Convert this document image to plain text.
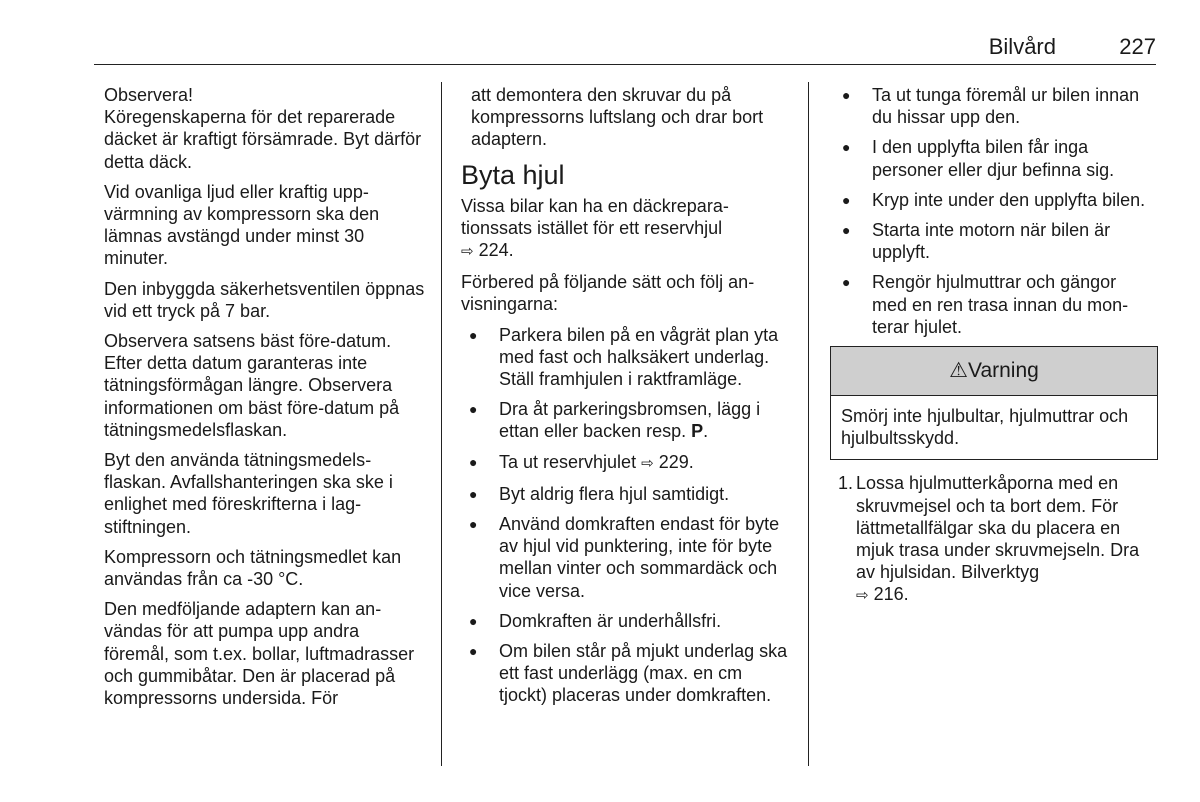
Bilvård	227

Observera!
Köregenskaperna för det reparerade däcket är kraftigt försämrade. Byt därför detta däck.

Vid ovanliga ljud eller kraftig uppvärmning av kompressorn ska den lämnas avstängd under minst 30 minuter.

Den inbyggda säkerhetsventilen öppnas vid ett tryck på 7 bar.

Observera satsens bäst före-datum. Efter detta datum garanteras inte tätningsförmågan längre. Observera informationen om bäst före-datum på tätningsmedelsflaskan.

Byt den använda tätningsmedelsflaskan. Avfallshanteringen ska ske i enlighet med föreskrifterna i lagstiftningen.

Kompressorn och tätningsmedlet kan användas från ca -30 °C.

Den medföljande adaptern kan användas för att pumpa upp andra föremål, som t.ex. bollar, luftmadrasser och gummibåtar. Den är placerad på kompressorns undersida. För

att demontera den skruvar du på kompressorns luftslang och drar bort adaptern.

Byta hjul

Vissa bilar kan ha en däckreparationssats istället för ett reservhjul
⇨ 224.

Förbered på följande sätt och följ anvisningarna:

● Parkera bilen på en vågrät plan yta med fast och halksäkert underlag. Ställ framhjulen i raktframläge.
● Dra åt parkeringsbromsen, lägg i ettan eller backen resp. P.
● Ta ut reservhjulet ⇨ 229.
● Byt aldrig flera hjul samtidigt.
● Använd domkraften endast för byte av hjul vid punktering, inte för byte mellan vinter och sommardäck och vice versa.
● Domkraften är underhållsfri.
● Om bilen står på mjukt underlag ska ett fast underlägg (max. en cm tjockt) placeras under domkraften.
● Ta ut tunga föremål ur bilen innan du hissar upp den.
● I den upplyfta bilen får inga personer eller djur befinna sig.
● Kryp inte under den upplyfta bilen.
● Starta inte motorn när bilen är upplyft.
● Rengör hjulmuttrar och gängor med en ren trasa innan du monterar hjulet.
⚠Varning
Smörj inte hjulbultar, hjulmuttrar och hjulbultsskydd.
1. Lossa hjulmutterkåporna med en skruvmejsel och ta bort dem. För lättmetallfälgar ska du placera en mjuk trasa under skruvmejseln. Dra av hjulsidan. Bilverktyg
⇨ 216.
